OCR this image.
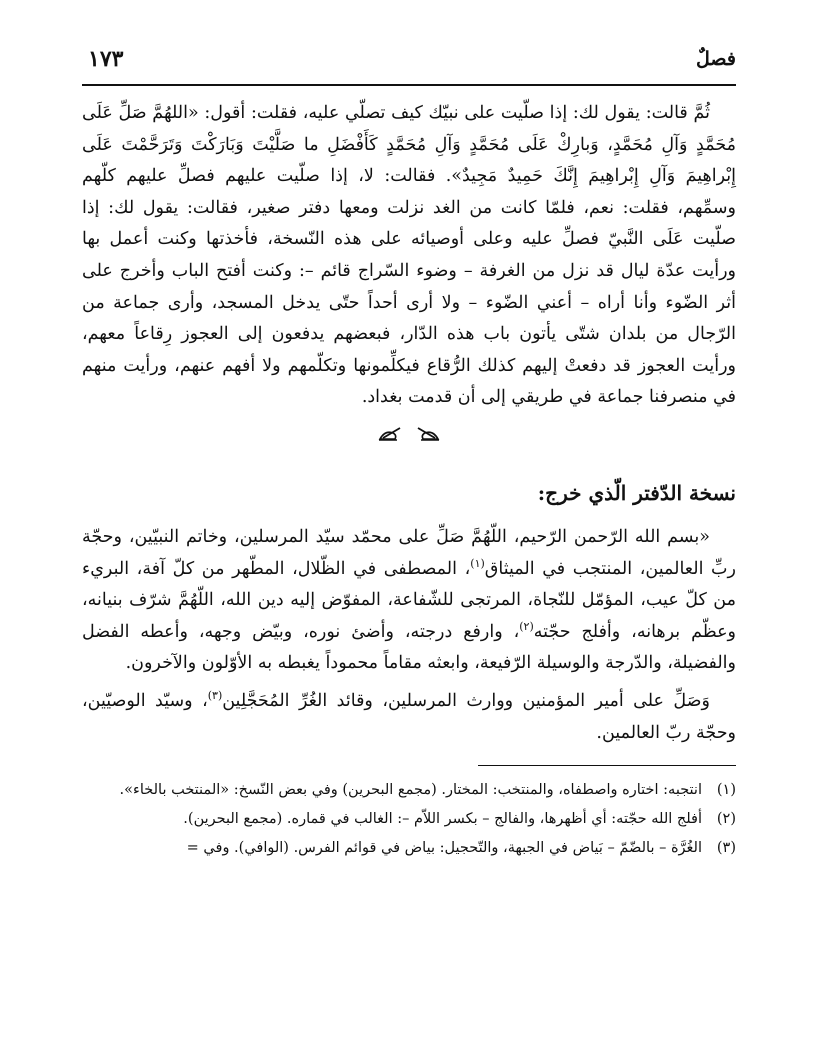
فصلٌ
١٧٣

ثُمَّ قالت: يقول لك: إذا صلّيت على نبيّك كيف تصلّي عليه، فقلت: أقول: «اللهُمَّ صَلِّ عَلَى مُحَمَّدٍ وَآلِ مُحَمَّدٍ، وَبارِكْ عَلَى مُحَمَّدٍ وَآلِ مُحَمَّدٍ كَأَفْضَلِ ما صَلَّيْتَ وَبَارَكْتَ وَتَرَحَّمْتَ عَلَى إِبْراهِيمَ وَآلِ إِبْراهِيمَ إِنَّكَ حَمِيدٌ مَجِيدٌ». فقالت: لا، إذا صلّيت عليهم فصلِّ عليهم كلّهم وسمِّهم، فقلت: نعم، فلمّا كانت من الغد نزلت ومعها دفتر صغير، فقالت: يقول لك: إذا صلّيت عَلَى النَّبيّ فصلِّ عليه وعلى أوصيائه على هذه النّسخة، فأخذتها وكنت أعمل بها ورأيت عدّة ليال قد نزل من الغرفة – وضوء السّراج قائم –: وكنت أفتح الباب وأخرج على أثر الضّوء وأنا أراه – أعني الضّوء – ولا أرى أحداً حتّى يدخل المسجد، وأرى جماعة من الرّجال من بلدان شتّى يأتون باب هذه الدّار، فبعضهم يدفعون إلى العجوز رِقاعاً معهم، ورأيت العجوز قد دفعتْ إليهم كذلك الرُّقاع فيكلِّمونها وتكلّمهم ولا أفهم عنهم، ورأيت منهم في منصرفنا جماعة في طريقي إلى أن قدمت بغداد.

نسخة الدّفتر الّذي خرج:

«بسم الله الرّحمن الرّحيم، اللّهُمَّ صَلِّ على محمّد سيّد المرسلين، وخاتم النبيّين، وحجّة ربِّ العالمين، المنتجب في الميثاق$^{(١)}$، المصطفى في الظّلال، المطّهر من كلّ آفة، البريء من كلّ عيب، المؤمّل للنّجاة، المرتجى للشّفاعة، المفوّض إليه دين الله، اللّهُمَّ شرّف بنيانه، وعظّم برهانه، وأفلج حجّته$^{(٢)}$، وارفع درجته، وأضئ نوره، وبيّض وجهه، وأعطه الفضل والفضيلة، والدّرجة والوسيلة الرّفيعة، وابعثه مقاماً محموداً يغبطه به الأوّلون والآخرون.

وَصَلِّ على أمير المؤمنين ووارث المرسلين، وقائد الغُرِّ المُحَجَّلِين$^{(٣)}$، وسيّد الوصيّين، وحجّة ربّ العالمين.

(١)
انتجبه: اختاره واصطفاه، والمنتخب: المختار. (مجمع البحرين) وفي بعض النّسخ: «المنتخب بالخاء».
(٢)
أفلج الله حجّته: أي أظهرها، والفالج – بكسر اللاّم –: الغالب في قماره. (مجمع البحرين).
(٣)
الغُرَّة – بالضّمّ – بَياض في الجبهة، والتّحجيل: بياض في قوائم الفرس. (الوافي). وفي =
